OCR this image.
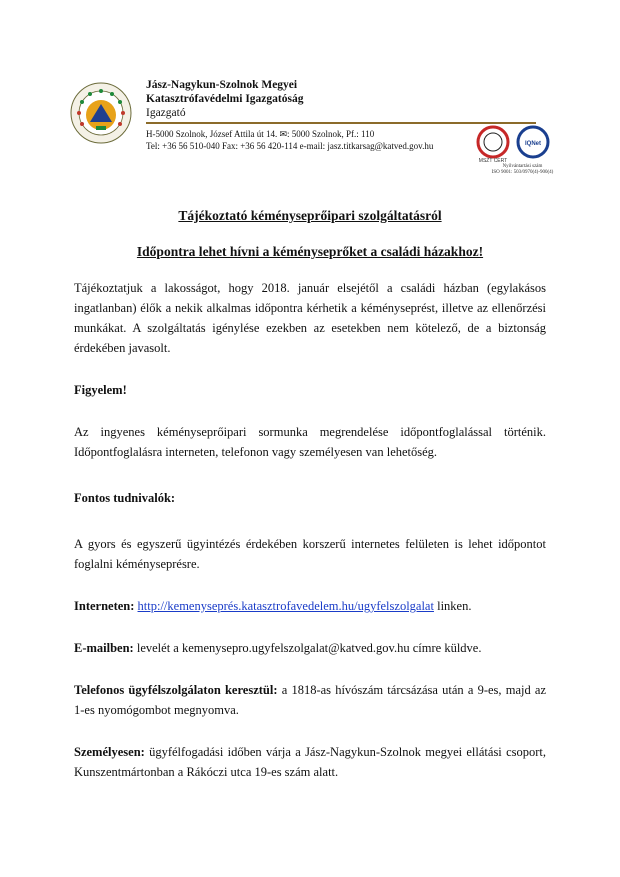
Jász-Nagykun-Szolnok Megyei
Katasztrófavédelmi Igazgatóság
Igazgató
H-5000 Szolnok, József Attila út 14. ✉: 5000 Szolnok, Pf.: 110
Tel: +36 56 510-040 Fax: +36 56 420-114 e-mail: jasz.titkarsag@katved.gov.hu
MSZT CERT
IQNet
Nyilvántartási szám
ISO 9001: 503/0970(4)-900(4)
Tájékoztató kéményseprőipari szolgáltatásról
Időpontra lehet hívni a kéményseprőket a családi házakhoz!

Tájékoztatjuk a lakosságot, hogy 2018. január elsejétől a családi házban (egylakásos ingatlanban) élők a nekik alkalmas időpontra kérhetik a kéményseprést, illetve az ellenőrzési munkákat. A szolgáltatás igénylése ezekben az esetekben nem kötelező, de a biztonság érdekében javasolt.

Figyelem!

Az ingyenes kéményseprőipari sormunka megrendelése időpontfoglalással történik. Időpontfoglalásra interneten, telefonon vagy személyesen van lehetőség.

Fontos tudnivalók:

A gyors és egyszerű ügyintézés érdekében korszerű internetes felületen is lehet időpontot foglalni kéményseprésre.

Interneten: http://kemenyseprés.katasztrofavedelem.hu/ugyfelszolgalat linken.

E-mailben: levelét a kemenysepro.ugyfelszolgalat@katved.gov.hu címre küldve.

Telefonos ügyfélszolgálaton keresztül: a 1818-as hívószám tárcsázása után a 9-es, majd az 1-es nyomógombot megnyomva.

Személyesen: ügyfélfogadási időben várja a Jász-Nagykun-Szolnok megyei ellátási csoport, Kunszentmártonban a Rákóczi utca 19-es szám alatt.
